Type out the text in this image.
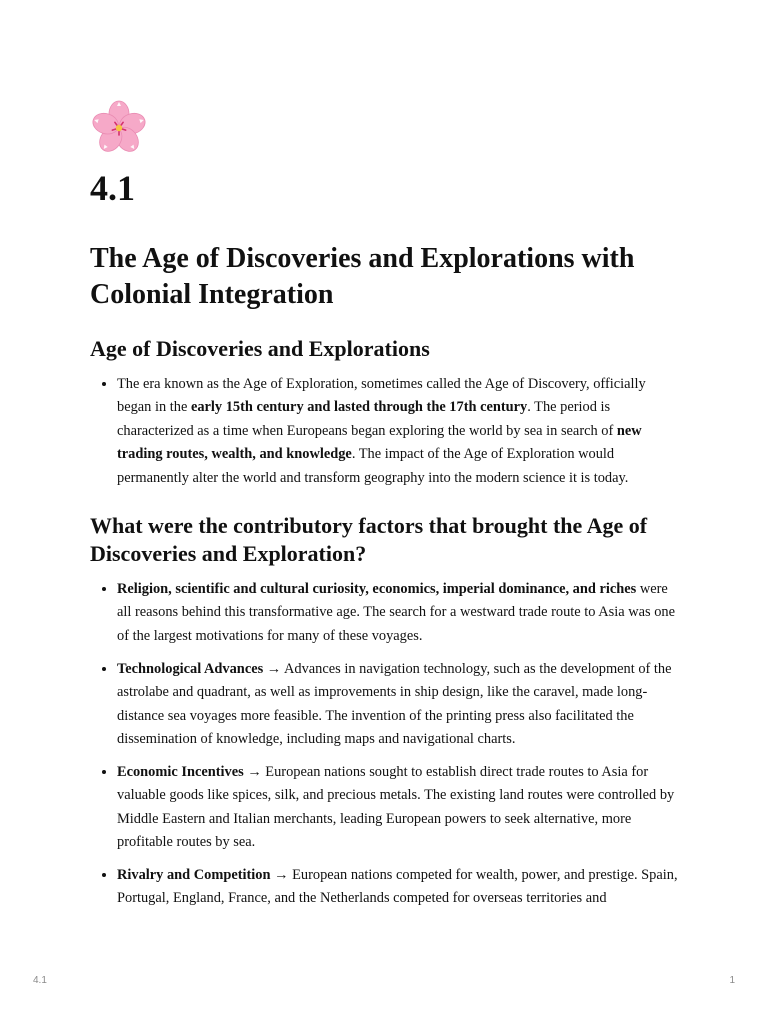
4.1
The Age of Discoveries and Explorations with
Colonial Integration
Age of Discoveries and Explorations
• The era known as the Age of Exploration, sometimes called the Age of Discovery, officially began in the early 15th century and lasted through the 17th century. The period is characterized as a time when Europeans began exploring the world by sea in search of new trading routes, wealth, and knowledge. The impact of the Age of Exploration would permanently alter the world and transform geography into the modern science it is today.
What were the contributory factors that brought the Age of
Discoveries and Exploration?
• Religion, scientific and cultural curiosity, economics, imperial dominance, and riches were all reasons behind this transformative age. The search for a westward trade route to Asia was one of the largest motivations for many of these voyages.
• Technological Advances → Advances in navigation technology, such as the development of the astrolabe and quadrant, as well as improvements in ship design, like the caravel, made long-distance sea voyages more feasible. The invention of the printing press also facilitated the dissemination of knowledge, including maps and navigational charts.
• Economic Incentives → European nations sought to establish direct trade routes to Asia for valuable goods like spices, silk, and precious metals. The existing land routes were controlled by Middle Eastern and Italian merchants, leading European powers to seek alternative, more profitable routes by sea.
• Rivalry and Competition → European nations competed for wealth, power, and prestige. Spain, Portugal, England, France, and the Netherlands competed for overseas territories and
4.1	1
